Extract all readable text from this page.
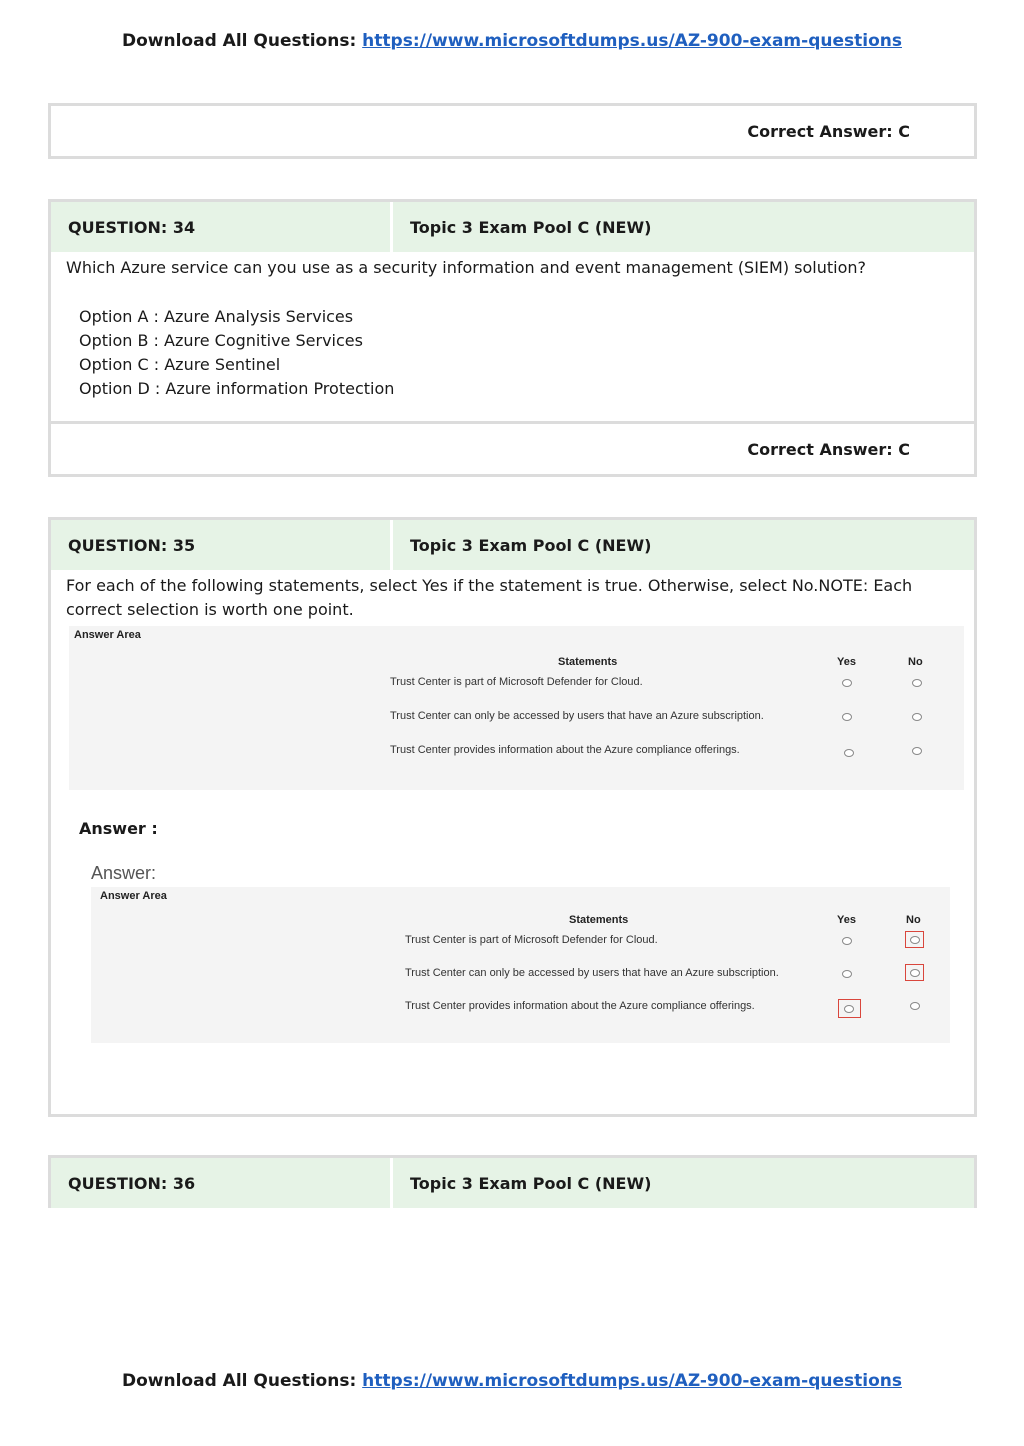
Download All Questions: https://www.microsoftdumps.us/AZ-900-exam-questions
Correct Answer: C
QUESTION: 34	Topic 3 Exam Pool C (NEW)
Which Azure service can you use as a security information and event management (SIEM) solution?
Option A : Azure Analysis Services
Option B : Azure Cognitive Services
Option C : Azure Sentinel
Option D : Azure information Protection
Correct Answer: C
QUESTION: 35	Topic 3 Exam Pool C (NEW)
For each of the following statements, select Yes if the statement is true. Otherwise, select No.NOTE: Each correct selection is worth one point.
Answer Area
Statements	Yes	No
Trust Center is part of Microsoft Defender for Cloud.
Trust Center can only be accessed by users that have an Azure subscription.
Trust Center provides information about the Azure compliance offerings.
Answer :
Answer:
Answer Area
Statements	Yes	No
Trust Center is part of Microsoft Defender for Cloud.
Trust Center can only be accessed by users that have an Azure subscription.
Trust Center provides information about the Azure compliance offerings.
QUESTION: 36	Topic 3 Exam Pool C (NEW)
Download All Questions: https://www.microsoftdumps.us/AZ-900-exam-questions
